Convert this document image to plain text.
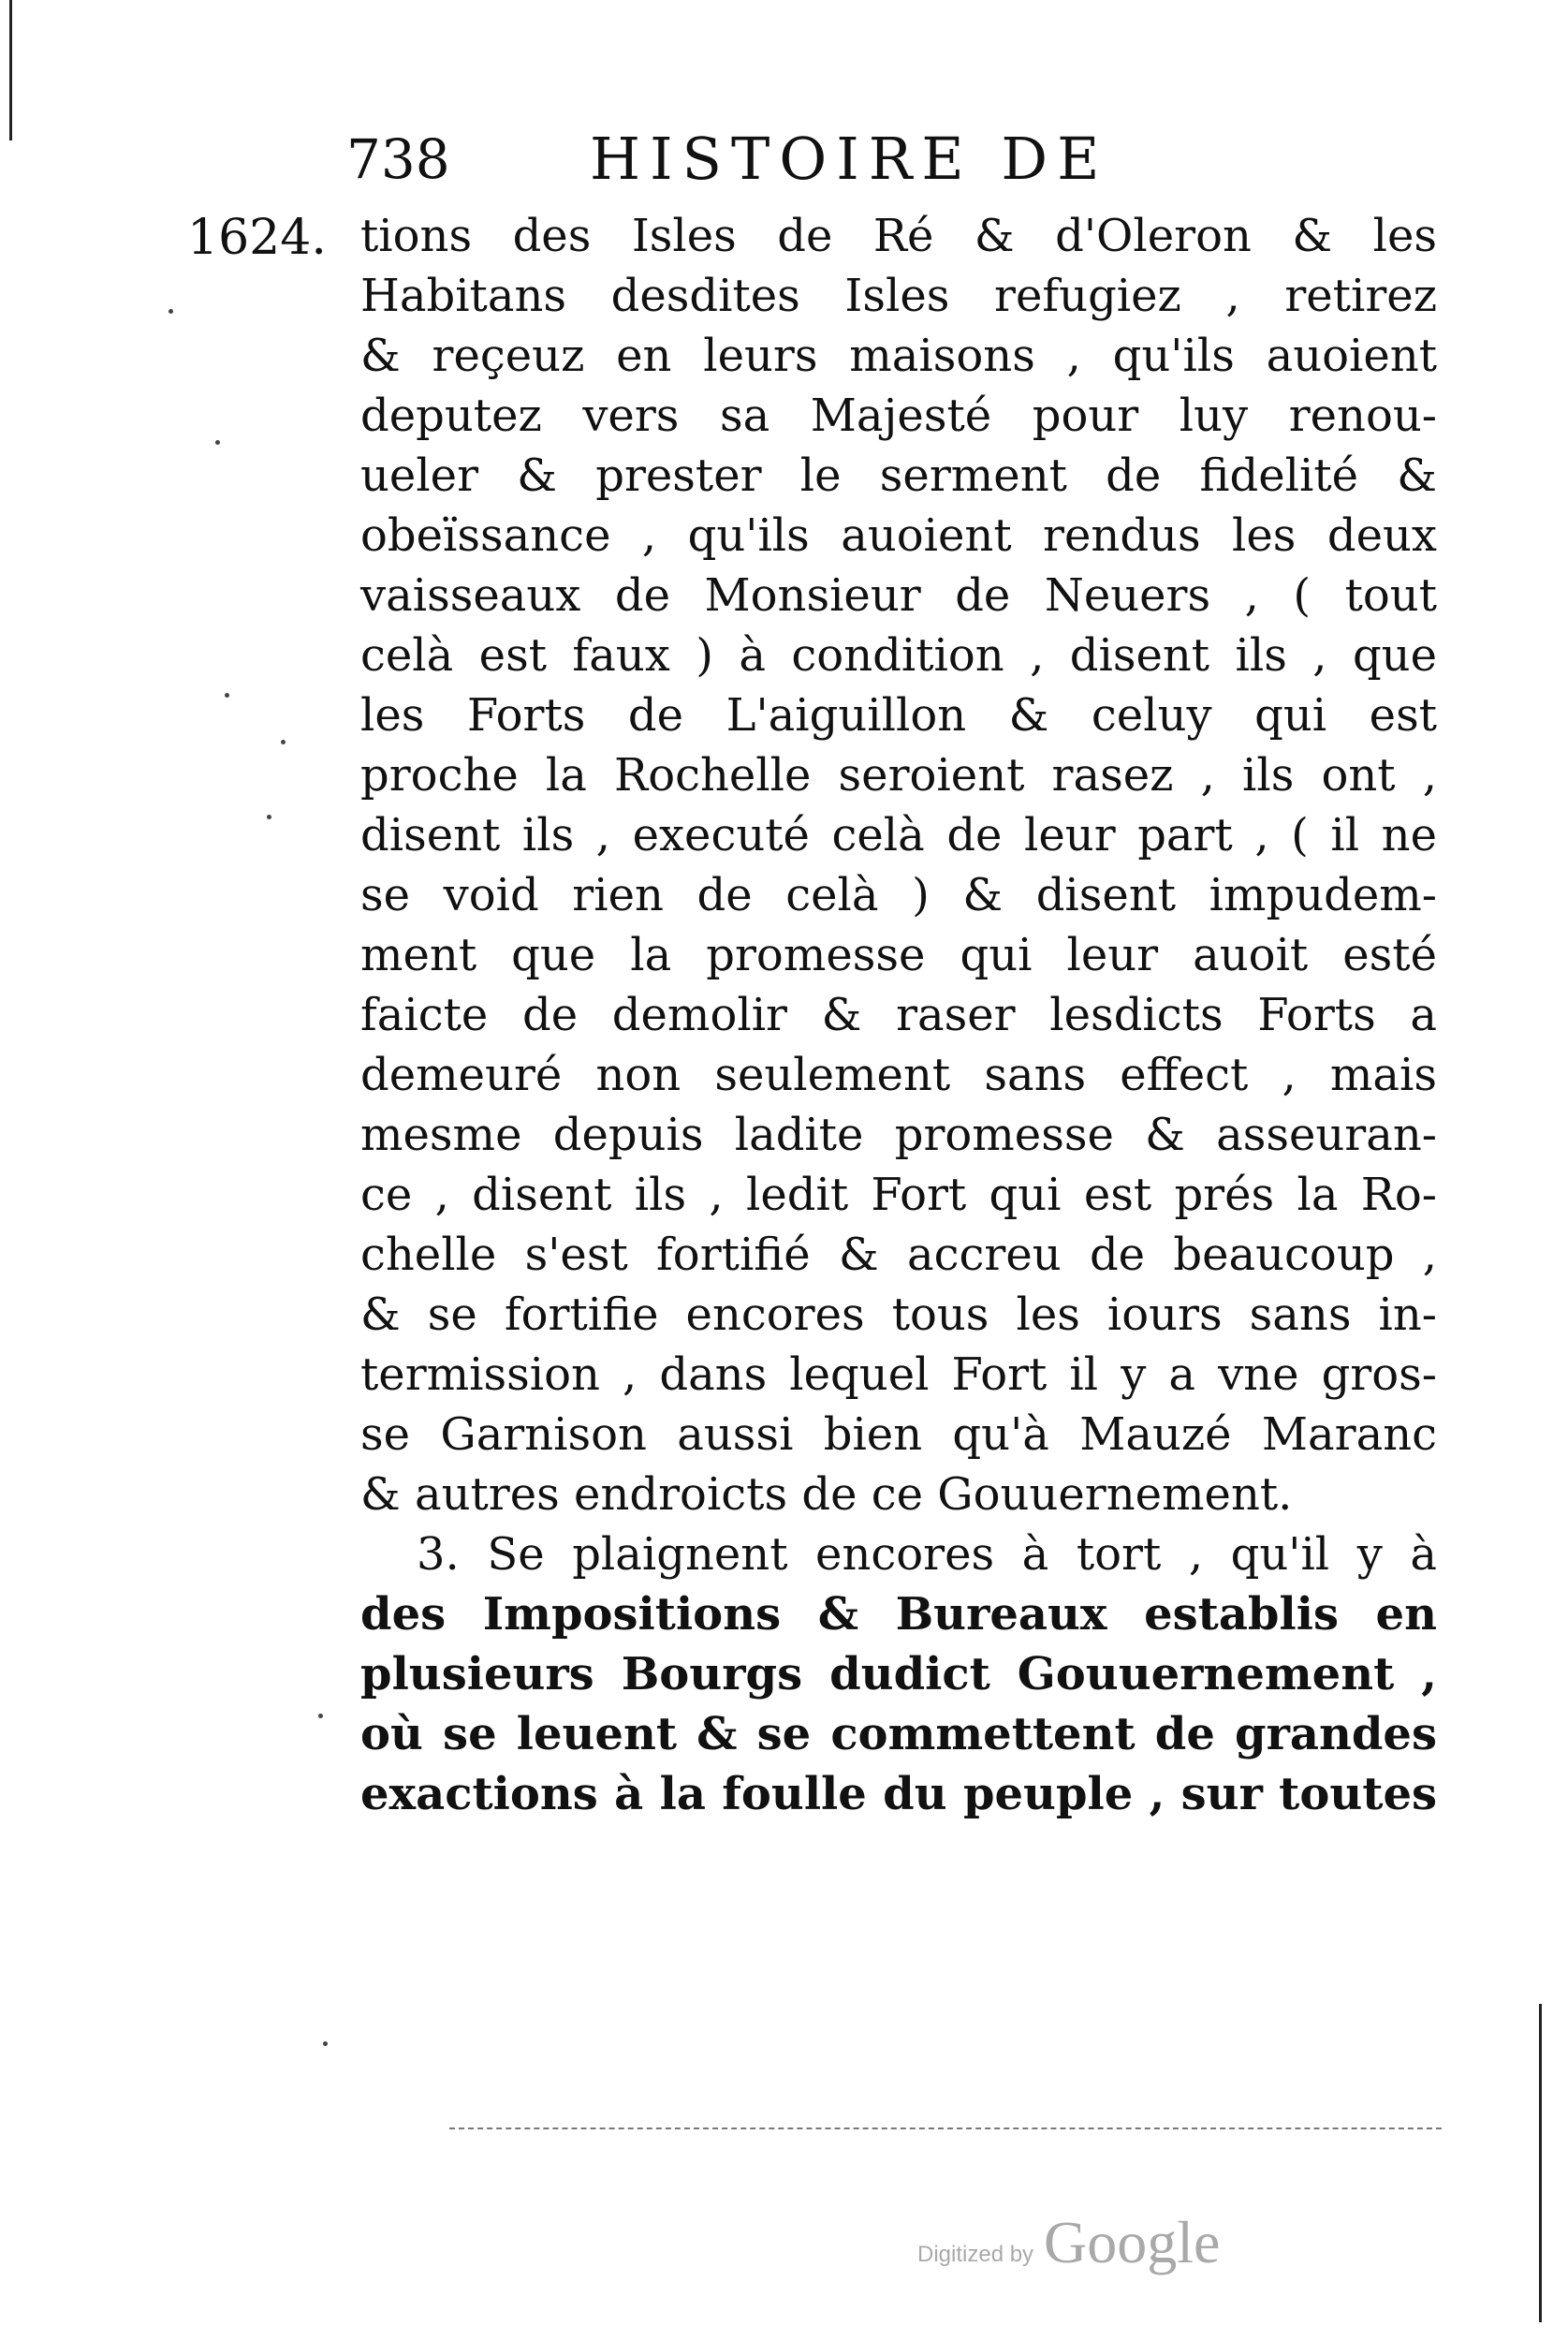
738 HISTOIRE DE
1624. tions des Isles de Ré & d'Oleron & les
Habitans desdites Isles refugiez , retirez
& reçeuz en leurs maisons , qu'ils auoient
deputez vers sa Majesté pour luy renou-
ueler & prester le serment de fidelité &
obeïssance , qu'ils auoient rendus les deux
vaisseaux de Monsieur de Neuers , ( tout
celà est faux ) à condition , disent ils , que
les Forts de L'aiguillon & celuy qui est
proche la Rochelle seroient rasez , ils ont ,
disent ils , executé celà de leur part , ( il ne
se void rien de celà ) & disent impudem-
ment que la promesse qui leur auoit esté
faicte de demolir & raser lesdicts Forts a
demeuré non seulement sans effect , mais
mesme depuis ladite promesse & asseuran-
ce , disent ils , ledit Fort qui est prés la Ro-
chelle s'est fortifié & accreu de beaucoup ,
& se fortifie encores tous les iours sans in-
termission , dans lequel Fort il y a vne gros-
se Garnison aussi bien qu'à Mauzé Maranc
& autres endroicts de ce Gouuernement.
3. Se plaignent encores à tort , qu'il y à
des Impositions & Bureaux establis en
plusieurs Bourgs dudict Gouuernement ,
où se leuent & se commettent de grandes
exactions à la foulle du peuple , sur toutes
Digitized by Google
